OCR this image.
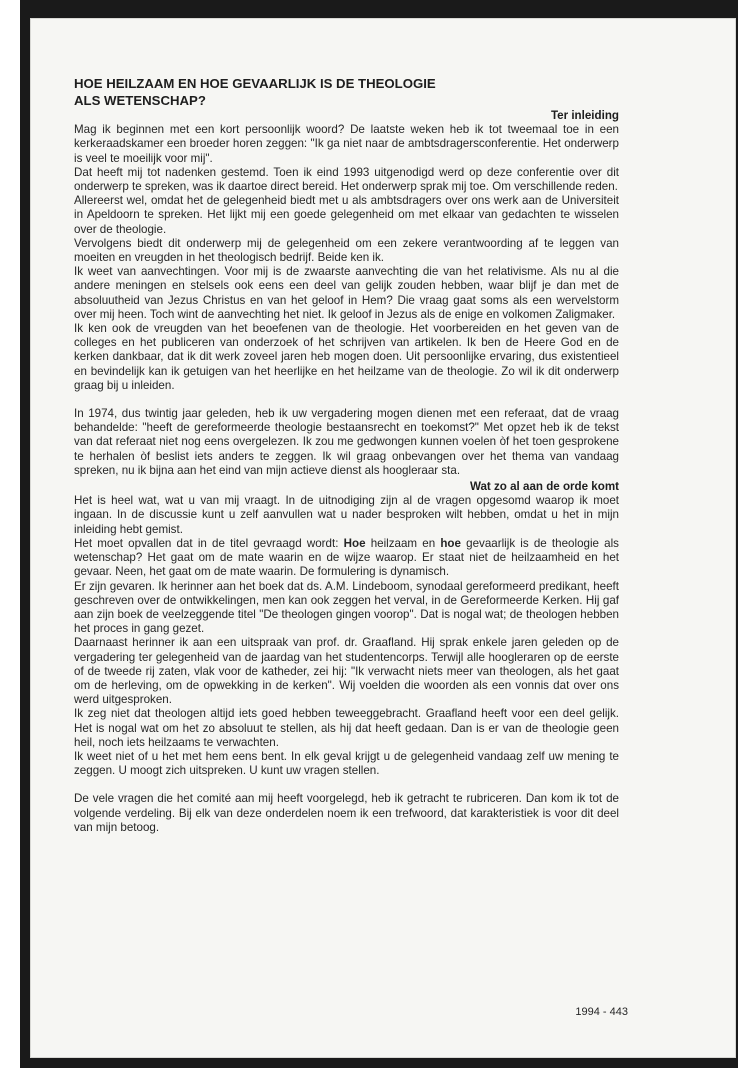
HOE HEILZAAM EN HOE GEVAARLIJK IS DE THEOLOGIE
ALS WETENSCHAP?
Ter inleiding

Mag ik beginnen met een kort persoonlijk woord? De laatste weken heb ik tot tweemaal toe in een kerkeraadskamer een broeder horen zeggen: "Ik ga niet naar de ambtsdragersconferentie. Het onderwerp is veel te moeilijk voor mij".

Dat heeft mij tot nadenken gestemd. Toen ik eind 1993 uitgenodigd werd op deze conferentie over dit onderwerp te spreken, was ik daartoe direct bereid. Het onderwerp sprak mij toe. Om verschillende reden.

Allereerst wel, omdat het de gelegenheid biedt met u als ambtsdragers over ons werk aan de Universiteit in Apeldoorn te spreken. Het lijkt mij een goede gelegenheid om met elkaar van gedachten te wisselen over de theologie.

Vervolgens biedt dit onderwerp mij de gelegenheid om een zekere verantwoording af te leggen van moeiten en vreugden in het theologisch bedrijf. Beide ken ik.

Ik weet van aanvechtingen. Voor mij is de zwaarste aanvechting die van het relativisme. Als nu al die andere meningen en stelsels ook eens een deel van gelijk zouden hebben, waar blijf je dan met de absoluutheid van Jezus Christus en van het geloof in Hem? Die vraag gaat soms als een wervelstorm over mij heen. Toch wint de aanvechting het niet. Ik geloof in Jezus als de enige en volkomen Zaligmaker.

Ik ken ook de vreugden van het beoefenen van de theologie. Het voorbereiden en het geven van de colleges en het publiceren van onderzoek of het schrijven van artikelen. Ik ben de Heere God en de kerken dankbaar, dat ik dit werk zoveel jaren heb mogen doen. Uit persoonlijke ervaring, dus existentieel en bevindelijk kan ik getuigen van het heerlijke en het heilzame van de theologie. Zo wil ik dit onderwerp graag bij u inleiden.

In 1974, dus twintig jaar geleden, heb ik uw vergadering mogen dienen met een referaat, dat de vraag behandelde: "heeft de gereformeerde theologie bestaansrecht en toekomst?" Met opzet heb ik de tekst van dat referaat niet nog eens overgelezen. Ik zou me gedwongen kunnen voelen òf het toen gesprokene te herhalen òf beslist iets anders te zeggen. Ik wil graag onbevangen over het thema van vandaag spreken, nu ik bijna aan het eind van mijn actieve dienst als hoogleraar sta.

Wat zo al aan de orde komt

Het is heel wat, wat u van mij vraagt. In de uitnodiging zijn al de vragen opgesomd waarop ik moet ingaan. In de discussie kunt u zelf aanvullen wat u nader besproken wilt hebben, omdat u het in mijn inleiding hebt gemist.

Het moet opvallen dat in de titel gevraagd wordt: Hoe heilzaam en hoe gevaarlijk is de theologie als wetenschap? Het gaat om de mate waarin en de wijze waarop. Er staat niet de heilzaamheid en het gevaar. Neen, het gaat om de mate waarin. De formulering is dynamisch.

Er zijn gevaren. Ik herinner aan het boek dat ds. A.M. Lindeboom, synodaal gereformeerd predikant, heeft geschreven over de ontwikkelingen, men kan ook zeggen het verval, in de Gereformeerde Kerken. Hij gaf aan zijn boek de veelzeggende titel "De theologen gingen voorop". Dat is nogal wat; de theologen hebben het proces in gang gezet.

Daarnaast herinner ik aan een uitspraak van prof. dr. Graafland. Hij sprak enkele jaren geleden op de vergadering ter gelegenheid van de jaardag van het studentencorps. Terwijl alle hoogleraren op de eerste of de tweede rij zaten, vlak voor de katheder, zei hij: "Ik verwacht niets meer van theologen, als het gaat om de herleving, om de opwekking in de kerken". Wij voelden die woorden als een vonnis dat over ons werd uitgesproken.

Ik zeg niet dat theologen altijd iets goed hebben teweeggebracht. Graafland heeft voor een deel gelijk. Het is nogal wat om het zo absoluut te stellen, als hij dat heeft gedaan. Dan is er van de theologie geen heil, noch iets heilzaams te verwachten.

Ik weet niet of u het met hem eens bent. In elk geval krijgt u de gelegenheid vandaag zelf uw mening te zeggen. U moogt zich uitspreken. U kunt uw vragen stellen.

De vele vragen die het comité aan mij heeft voorgelegd, heb ik getracht te rubriceren. Dan kom ik tot de volgende verdeling. Bij elk van deze onderdelen noem ik een trefwoord, dat karakteristiek is voor dit deel van mijn betoog.

1994 - 443
